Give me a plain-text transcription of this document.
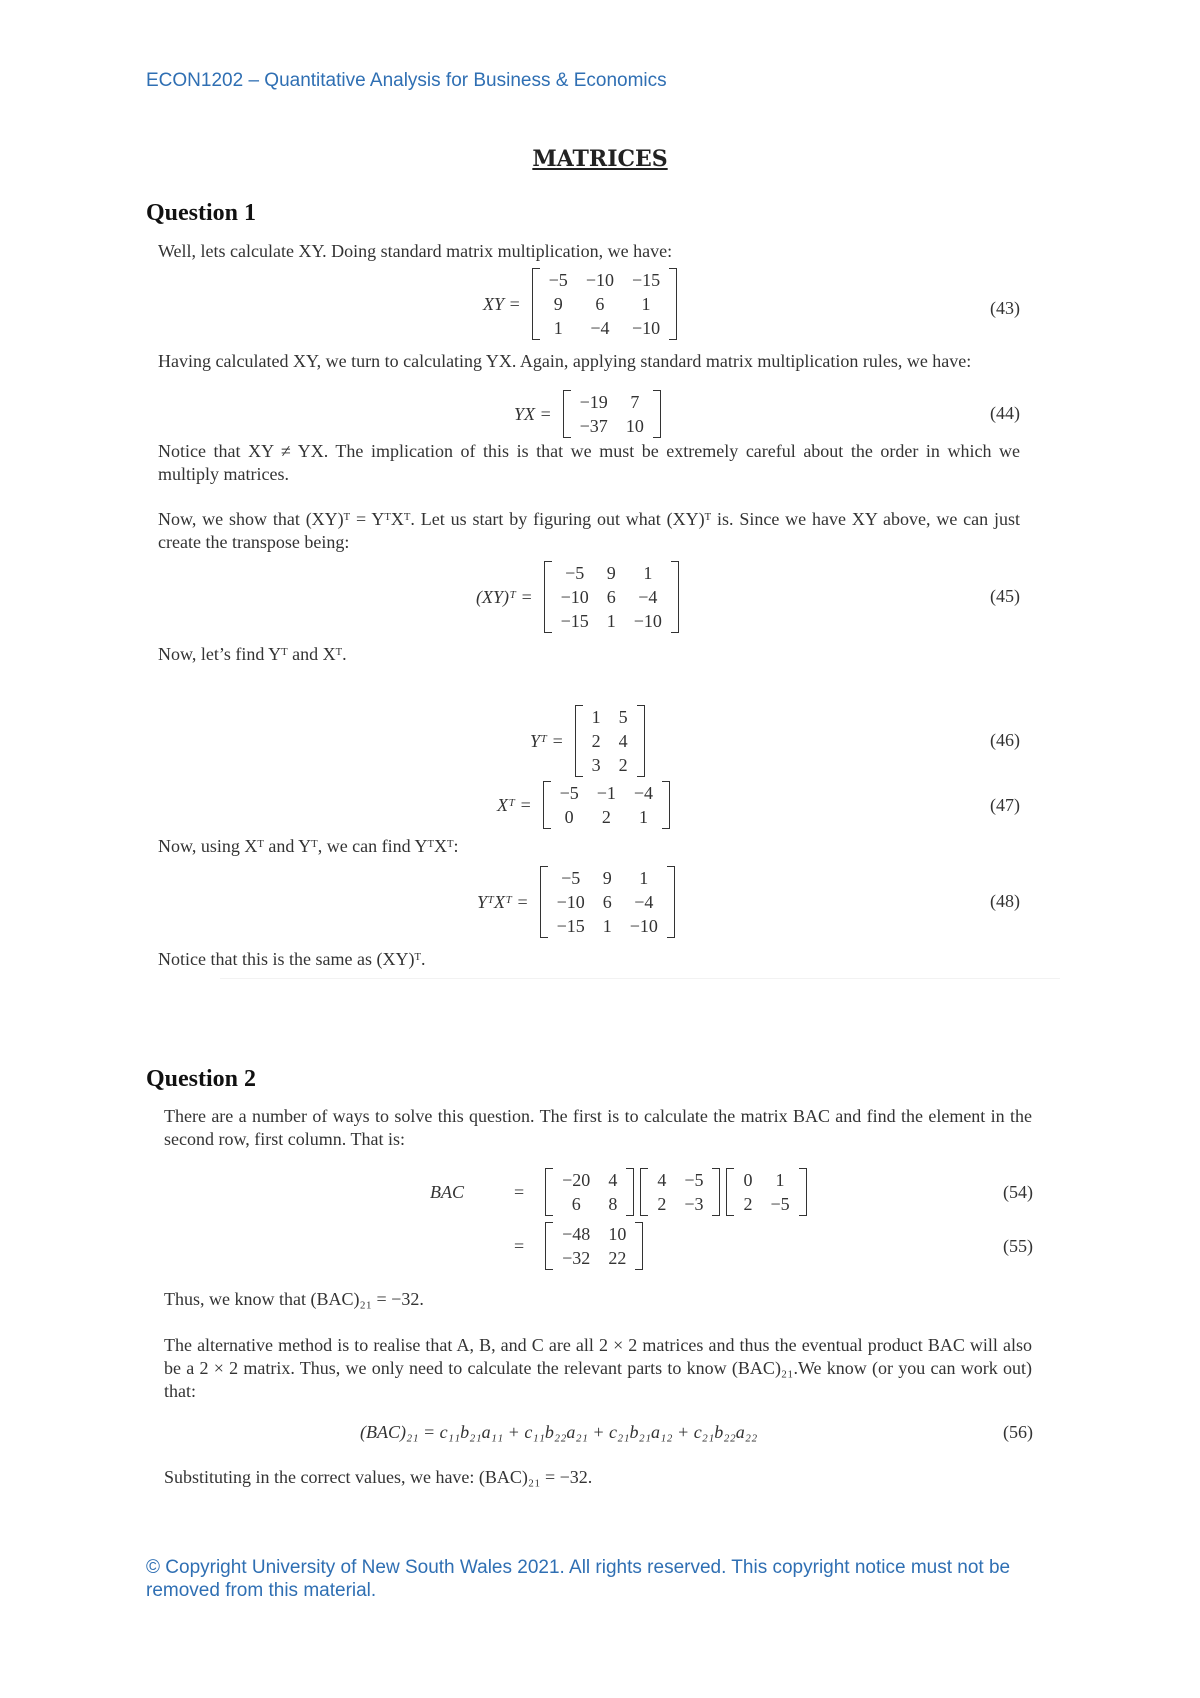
ECON1202 – Quantitative Analysis for Business & Economics
MATRICES
Question 1
Well, lets calculate XY. Doing standard matrix multiplication, we have:
XY =
−5	−10	−15
9	6	1
1	−4	−10
(43)
Having calculated XY, we turn to calculating YX. Again, applying standard matrix multiplication rules, we have:
YX =
−19	7
−37	10
(44)
Notice that XY ≠ YX. The implication of this is that we must be extremely careful about the order in which we multiply matrices.
Now, we show that (XY)ᵀ = YᵀXᵀ. Let us start by figuring out what (XY)ᵀ is. Since we have XY above, we can just create the transpose being:
(XY)ᵀ =
−5	9	1
−10	6	−4
−15	1	−10
(45)
Now, let’s find Yᵀ and Xᵀ.
Yᵀ =
1	5
2	4
3	2
(46)
Xᵀ =
−5	−1	−4
0	2	1
(47)
Now, using Xᵀ and Yᵀ, we can find YᵀXᵀ:
YᵀXᵀ =
−5	9	1
−10	6	−4
−15	1	−10
(48)
Notice that this is the same as (XY)ᵀ.
Question 2
There are a number of ways to solve this question. The first is to calculate the matrix BAC and find the element in the second row, first column. That is:
BAC	=
−20	4
6	8
4	−5
2	−3
0	1
2	−5
(54)
=
−48	10
−32	22
(55)
Thus, we know that (BAC)₂₁ = −32.
The alternative method is to realise that A, B, and C are all 2 × 2 matrices and thus the eventual product BAC will also be a 2 × 2 matrix. Thus, we only need to calculate the relevant parts to know (BAC)₂₁.We know (or you can work out) that:
(BAC)₂₁ = c₁₁b₂₁a₁₁ + c₁₁b₂₂a₂₁ + c₂₁b₂₁a₁₂ + c₂₁b₂₂a₂₂	(56)
Substituting in the correct values, we have: (BAC)₂₁ = −32.
© Copyright University of New South Wales 2021. All rights reserved. This copyright notice must not be removed from this material.
